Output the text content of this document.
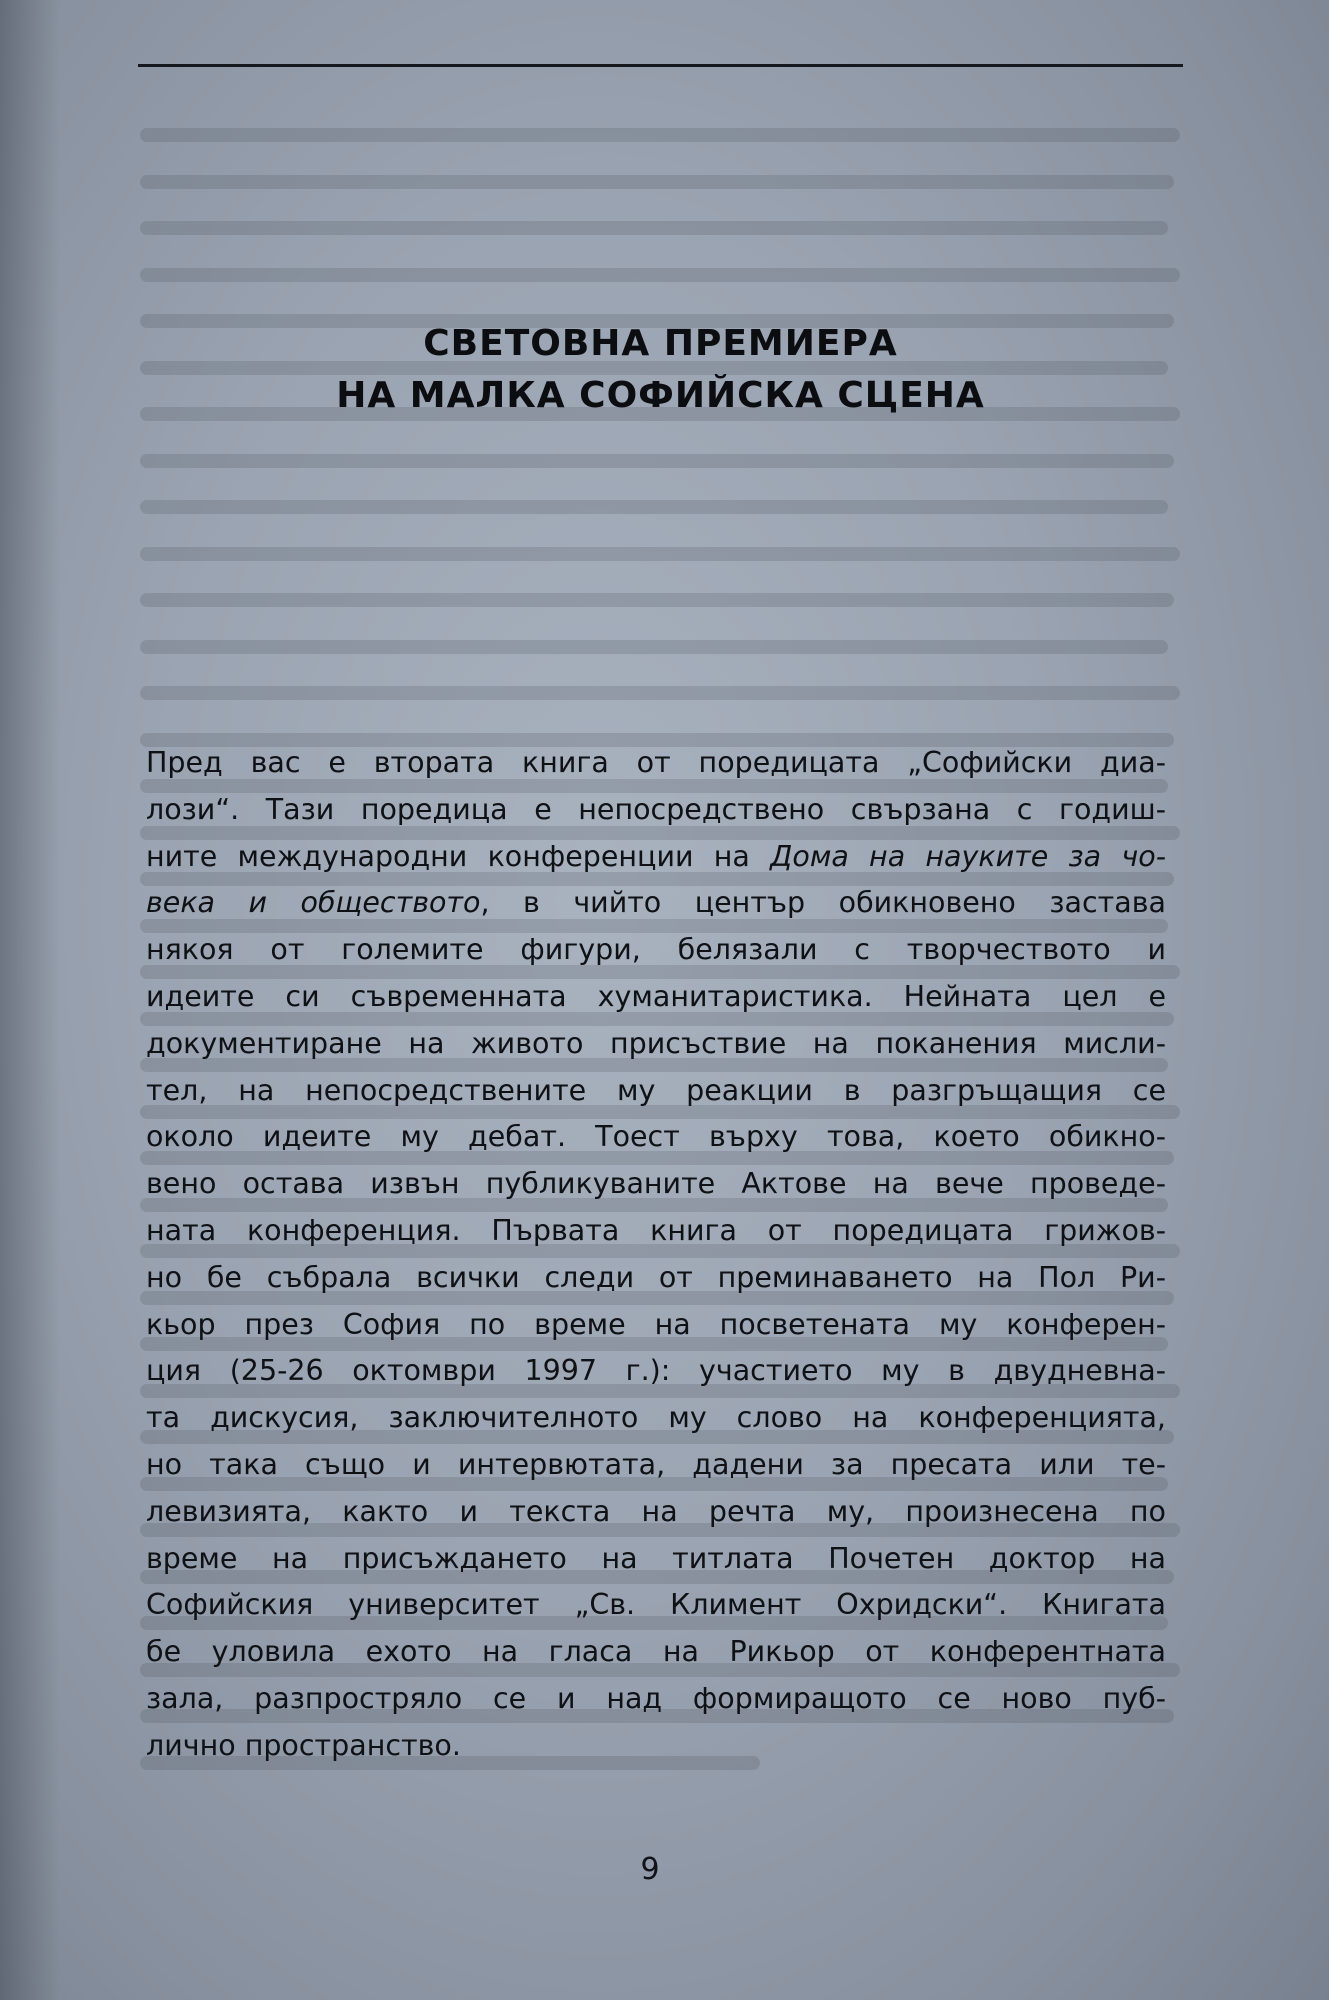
СВЕТОВНА ПРЕМИЕРА
НА МАЛКА СОФИЙСКА СЦЕНА
Пред вас е втората книга от поредицата „Софийски диа-
лози“. Тази поредица е непосредствено свързана с годиш-
ните международни конференции на Дома на науките за чо-
века и обществото, в чийто център обикновено застава
някоя от големите фигури, белязали с творчеството и
идеите си съвременната хуманитаристика. Нейната цел е
документиране на живото присъствие на поканения мисли-
тел, на непосредствените му реакции в разгръщащия се
около идеите му дебат. Тоест върху това, което обикно-
вено остава извън публикуваните Актове на вече проведе-
ната конференция. Първата книга от поредицата грижов-
но бе събрала всички следи от преминаването на Пол Ри-
кьор през София по време на посветената му конферен-
ция (25-26 октомври 1997 г.): участието му в двудневна-
та дискусия, заключителното му слово на конференцията,
но така също и интервютата, дадени за пресата или те-
левизията, както и текста на речта му, произнесена по
време на присъждането на титлата Почетен доктор на
Софийския университет „Св. Климент Охридски“. Книгата
бе уловила ехото на гласа на Рикьор от конферентната
зала, разпростряло се и над формиращото се ново пуб-
лично пространство.
9
